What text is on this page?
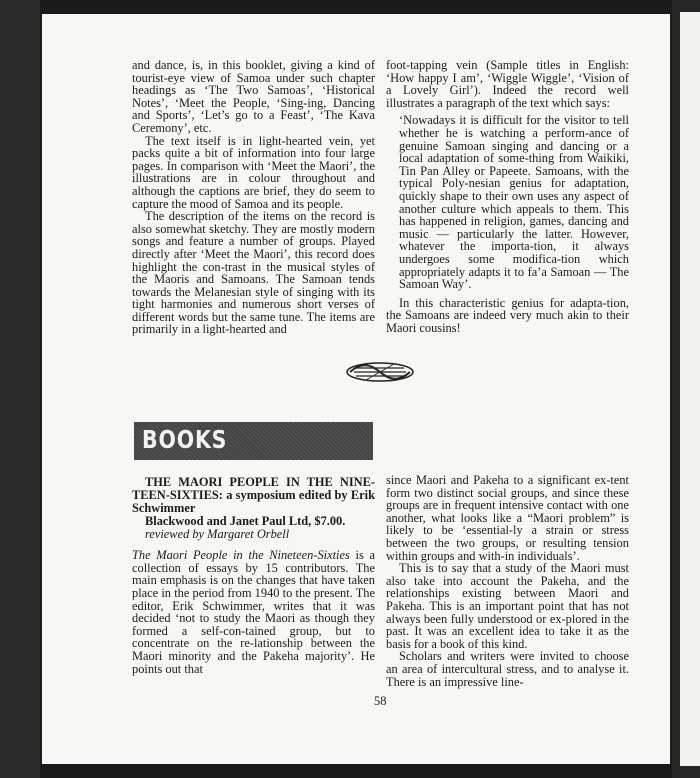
and dance, is, in this booklet, giving a kind of tourist-eye view of Samoa under such chapter headings as ‘The Two Samoas’, ‘Historical Notes’, ‘Meet the People, ‘Sing-ing, Dancing and Sports’, ‘Let’s go to a Feast’, ‘The Kava Ceremony’, etc.

The text itself is in light-hearted vein, yet packs quite a bit of information into four large pages. In comparison with ‘Meet the Maori’, the illustrations are in colour throughout and although the captions are brief, they do seem to capture the mood of Samoa and its people.

The description of the items on the record is also somewhat sketchy. They are mostly modern songs and feature a number of groups. Played directly after ‘Meet the Maori’, this record does highlight the con-trast in the musical styles of the Maoris and Samoans. The Samoan tends towards the Melanesian style of singing with its tight harmonies and numerous short verses of different words but the same tune. The items are primarily in a light-hearted and

foot-tapping vein (Sample titles in English: ‘How happy I am’, ‘Wiggle Wiggle’, ‘Vision of a Lovely Girl’). Indeed the record well illustrates a paragraph of the text which says:

‘Nowadays it is difficult for the visitor to tell whether he is watching a perform-ance of genuine Samoan singing and dancing or a local adaptation of some-thing from Waikiki, Tin Pan Alley or Papeete. Samoans, with the typical Poly-nesian genius for adaptation, quickly shape to their own uses any aspect of another culture which appeals to them. This has happened in religion, games, dancing and music — particularly the latter. However, whatever the importa-tion, it always undergoes some modifica-tion which appropriately adapts it to fa’a Samoan — The Samoan Way’.

In this characteristic genius for adapta-tion, the Samoans are indeed very much akin to their Maori cousins!

BOOKS

THE MAORI PEOPLE IN THE NINE-TEEN-SIXTIES: a symposium edited by Erik Schwimmer

Blackwood and Janet Paul Ltd, $7.00.

reviewed by Margaret Orbell

The Maori People in the Nineteen-Sixties is a collection of essays by 15 contributors. The main emphasis is on the changes that have taken place in the period from 1940 to the present. The editor, Erik Schwimmer, writes that it was decided ‘not to study the Maori as though they formed a self-con-tained group, but to concentrate on the re-lationship between the Maori minority and the Pakeha majority’. He points out that

since Maori and Pakeha to a significant ex-tent form two distinct social groups, and since these groups are in frequent intensive contact with one another, what looks like a “Maori problem” is likely to be ‘essential-ly a strain or stress between the two groups, or resulting tension within groups and with-in individuals’.

This is to say that a study of the Maori must also take into account the Pakeha, and the relationships existing between Maori and Pakeha. This is an important point that has not always been fully understood or ex-plored in the past. It was an excellent idea to take it as the basis for a book of this kind.

Scholars and writers were invited to choose an area of intercultural stress, and to analyse it. There is an impressive line-

58
